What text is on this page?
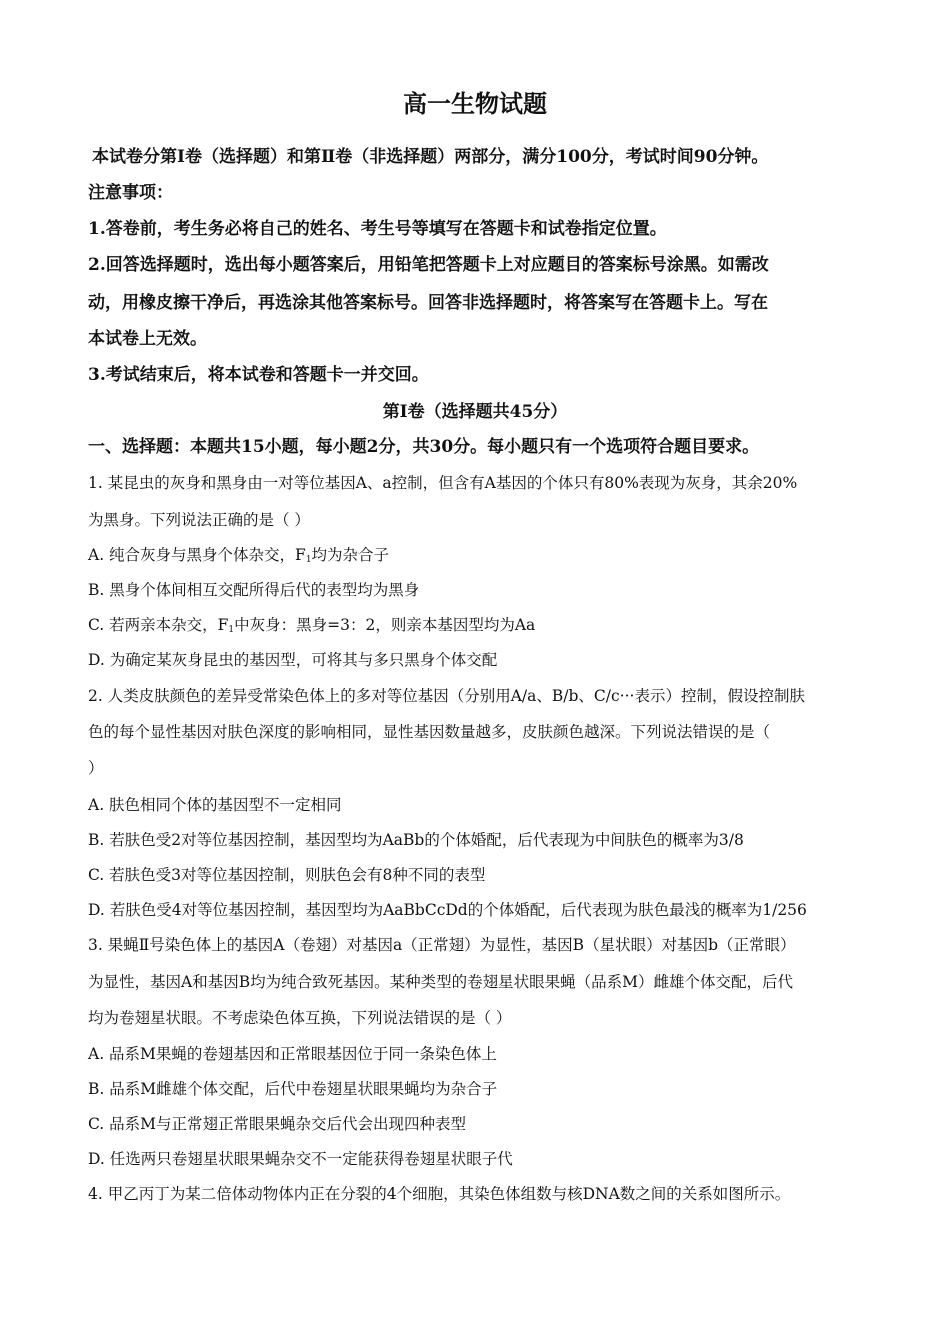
高一生物试题
本试卷分第Ⅰ卷（选择题）和第Ⅱ卷（非选择题）两部分，满分100分，考试时间90分钟。
注意事项：
1.答卷前，考生务必将自己的姓名、考生号等填写在答题卡和试卷指定位置。
2.回答选择题时，选出每小题答案后，用铅笔把答题卡上对应题目的答案标号涂黑。如需改
动，用橡皮擦干净后，再选涂其他答案标号。回答非选择题时，将答案写在答题卡上。写在
本试卷上无效。
3.考试结束后，将本试卷和答题卡一并交回。
第Ⅰ卷（选择题共45分）
一、选择题：本题共15小题，每小题2分，共30分。每小题只有一个选项符合题目要求。
1. 某昆虫的灰身和黑身由一对等位基因A、a控制，但含有A基因的个体只有80%表现为灰身，其余20%
为黑身。下列说法正确的是（ ）
A. 纯合灰身与黑身个体杂交，$F_1$均为杂合子
B. 黑身个体间相互交配所得后代的表型均为黑身
C. 若两亲本杂交，$F_1$中灰身：黑身=3：2，则亲本基因型均为Aa
D. 为确定某灰身昆虫的基因型，可将其与多只黑身个体交配
2. 人类皮肤颜色的差异受常染色体上的多对等位基因（分别用A/a、B/b、C/c···表示）控制，假设控制肤
色的每个显性基因对肤色深度的影响相同，显性基因数量越多，皮肤颜色越深。下列说法错误的是（
）
A. 肤色相同个体的基因型不一定相同
B. 若肤色受2对等位基因控制，基因型均为AaBb的个体婚配，后代表现为中间肤色的概率为3/8
C. 若肤色受3对等位基因控制，则肤色会有8种不同的表型
D. 若肤色受4对等位基因控制，基因型均为AaBbCcDd的个体婚配，后代表现为肤色最浅的概率为1/256
3. 果蝇Ⅱ号染色体上的基因A（卷翅）对基因a（正常翅）为显性，基因B（星状眼）对基因b（正常眼）
为显性，基因A和基因B均为纯合致死基因。某种类型的卷翅星状眼果蝇（品系M）雌雄个体交配，后代
均为卷翅星状眼。不考虑染色体互换，下列说法错误的是（ ）
A. 品系M果蝇的卷翅基因和正常眼基因位于同一条染色体上
B. 品系M雌雄个体交配，后代中卷翅星状眼果蝇均为杂合子
C. 品系M与正常翅正常眼果蝇杂交后代会出现四种表型
D. 任选两只卷翅星状眼果蝇杂交不一定能获得卷翅星状眼子代
4. 甲乙丙丁为某二倍体动物体内正在分裂的4个细胞，其染色体组数与核DNA数之间的关系如图所示。
